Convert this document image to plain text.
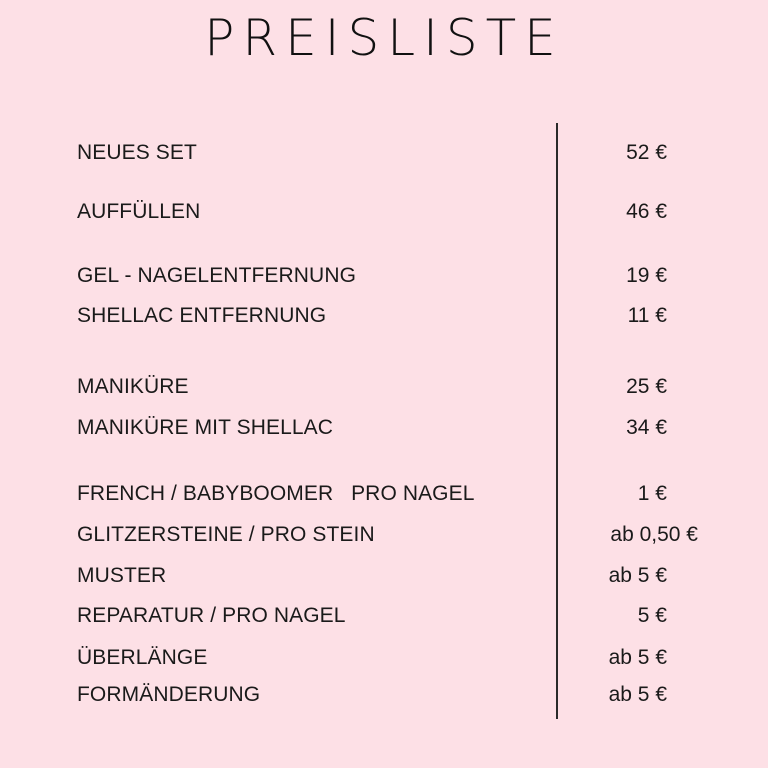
PREISLISTE
NEUES SET	52 €
AUFFÜLLEN	46 €
GEL - NAGELENTFERNUNG	19 €
SHELLAC ENTFERNUNG	11 €
MANIKÜRE	25 €
MANIKÜRE MIT SHELLAC	34 €
FRENCH / BABYBOOMER   PRO NAGEL	1 €
GLITZERSTEINE / PRO STEIN	ab 0,50 €
MUSTER	ab 5 €
REPARATUR / PRO NAGEL	5 €
ÜBERLÄNGE	ab 5 €
FORMÄNDERUNG	ab 5 €
